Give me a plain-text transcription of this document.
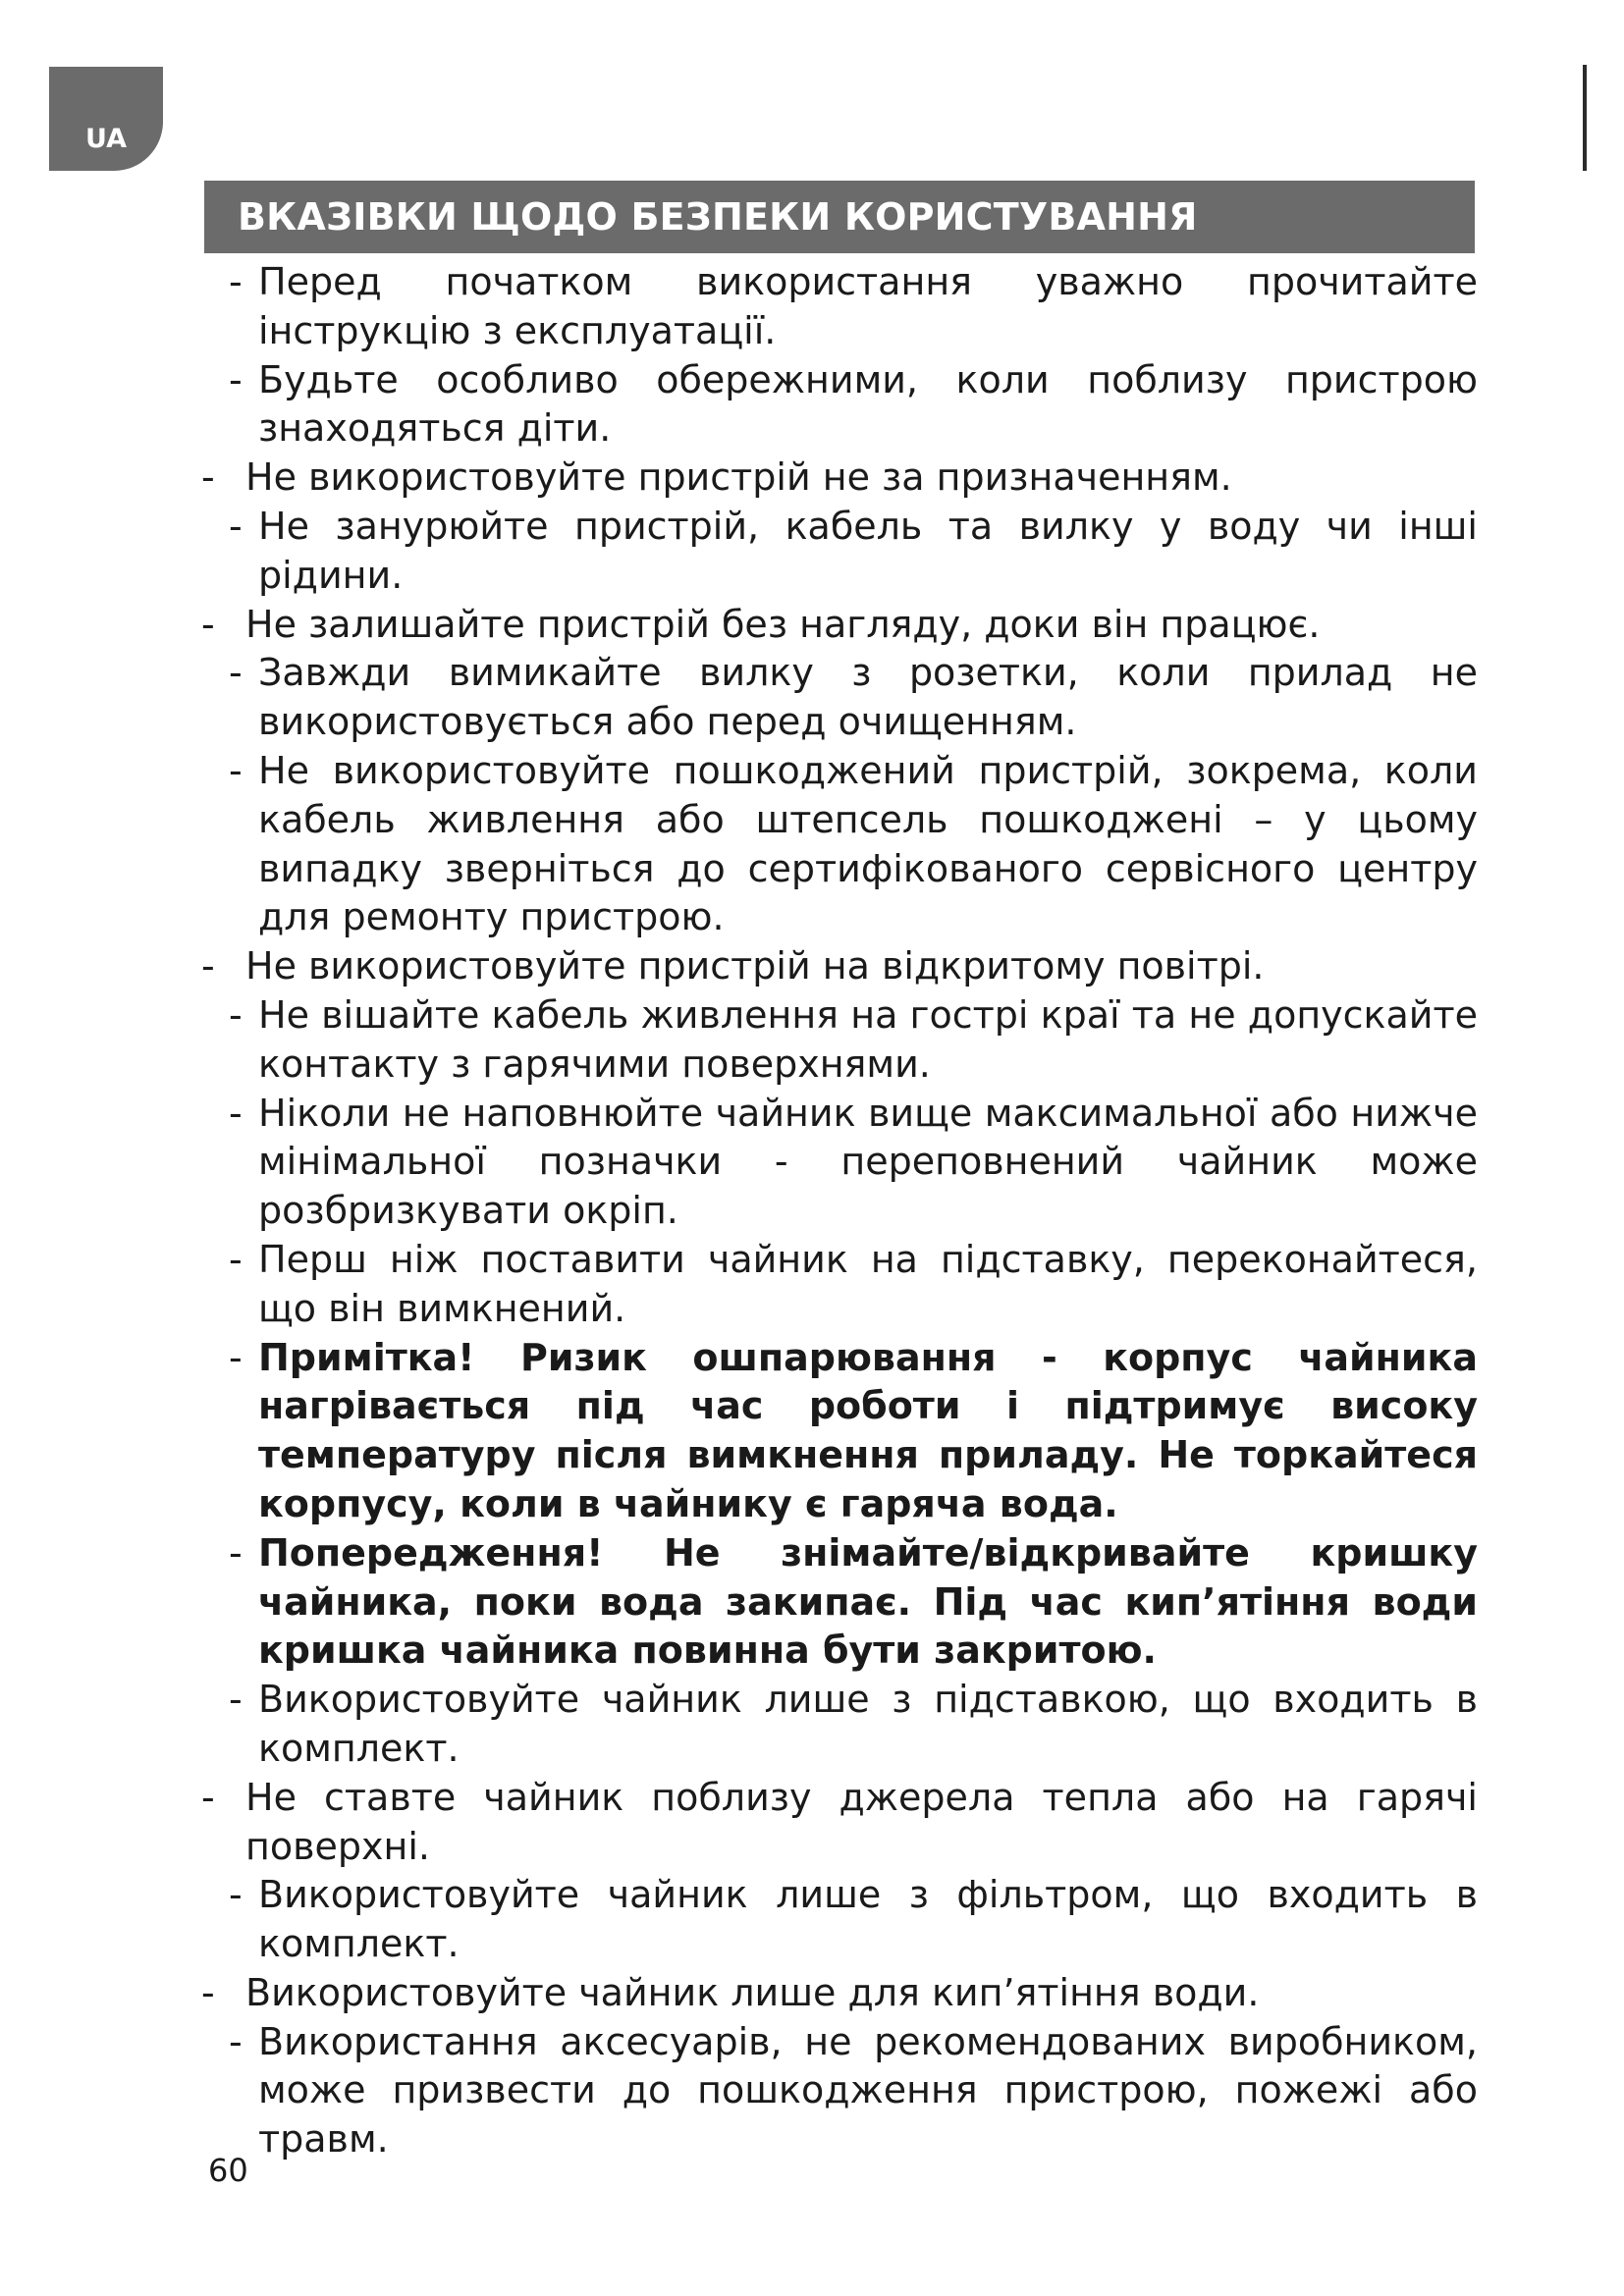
UA
ВКАЗІВКИ ЩОДО БЕЗПЕКИ КОРИСТУВАННЯ
- Перед початком використання уважно прочитайте інструкцію з експлуатації.
- Будьте особливо обережними, коли поблизу пристрою знаходяться діти.
- Не використовуйте пристрій не за призначенням.
- Не занурюйте пристрій, кабель та вилку у воду чи інші рідини.
- Не залишайте пристрій без нагляду, доки він працює.
- Завжди вимикайте вилку з розетки, коли прилад не використовується або перед очищенням.
- Не використовуйте пошкоджений пристрій, зокрема, коли кабель живлення або штепсель пошкоджені – у цьому випадку зверніться до сертифікованого сервісного центру для ремонту пристрою.
- Не використовуйте пристрій на відкритому повітрі.
- Не вішайте кабель живлення на гострі краї та не допускайте контакту з гарячими поверхнями.
- Ніколи не наповнюйте чайник вище максимальної або нижче мінімальної позначки - переповнений чайник може розбризкувати окріп.
- Перш ніж поставити чайник на підставку, переконайтеся, що він вимкнений.
- Примітка! Ризик ошпарювання - корпус чайника нагрівається під час роботи і підтримує високу температуру після вимкнення приладу. Не торкайтеся корпусу, коли в чайнику є гаряча вода.
- Попередження! Не знімайте/відкривайте кришку чайника, поки вода закипає. Під час кип’ятіння води кришка чайника повинна бути закритою.
- Використовуйте чайник лише з підставкою, що входить в комплект.
- Не ставте чайник поблизу джерела тепла або на гарячі поверхні.
- Використовуйте чайник лише з фільтром, що входить в комплект.
- Використовуйте чайник лише для кип’ятіння води.
- Використання аксесуарів, не рекомендованих виробником, може призвести до пошкодження пристрою, пожежі або травм.
60
